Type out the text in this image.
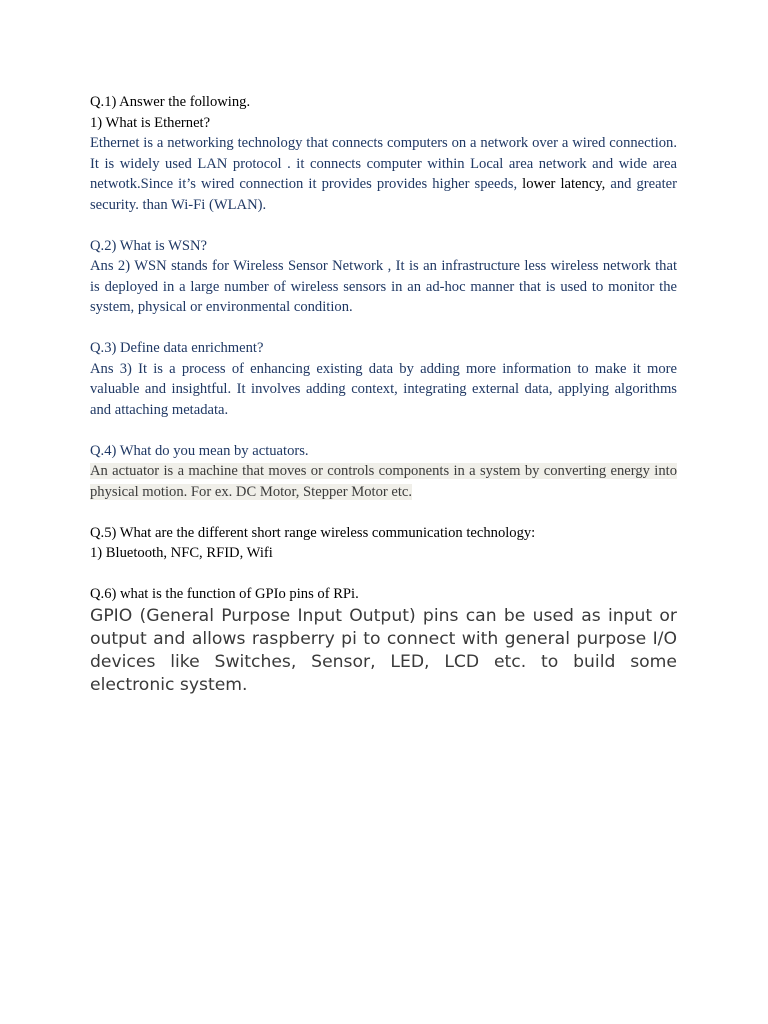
Q.1) Answer the following.

1) What is Ethernet?

Ethernet is a networking technology that connects computers on a network over a wired connection. It is widely used LAN protocol . it connects computer within Local area network and wide area netwotk.Since it’s wired connection it provides provides higher speeds, lower latency, and greater security. than Wi-Fi (WLAN).

Q.2) What is WSN?

Ans 2) WSN stands for Wireless Sensor Network , It is an infrastructure less wireless network that is deployed in a large number of wireless sensors in an ad-hoc manner that is used to monitor the system, physical or environmental condition.

Q.3) Define data enrichment?

Ans 3) It is a process of enhancing existing data by adding more information to make it more valuable and insightful. It involves adding context, integrating external data, applying algorithms and attaching metadata.

Q.4) What do you mean by actuators.

An actuator is a machine that moves or controls components in a system by converting energy into physical motion. For ex. DC Motor, Stepper Motor etc.

Q.5) What are the different short range wireless communication technology:

1) Bluetooth, NFC, RFID, Wifi

Q.6) what is the function of GPIo pins of RPi.

GPIO (General Purpose Input Output) pins can be used as input or output and allows raspberry pi to connect with general purpose I/O devices like Switches, Sensor, LED, LCD etc. to build some electronic system.
